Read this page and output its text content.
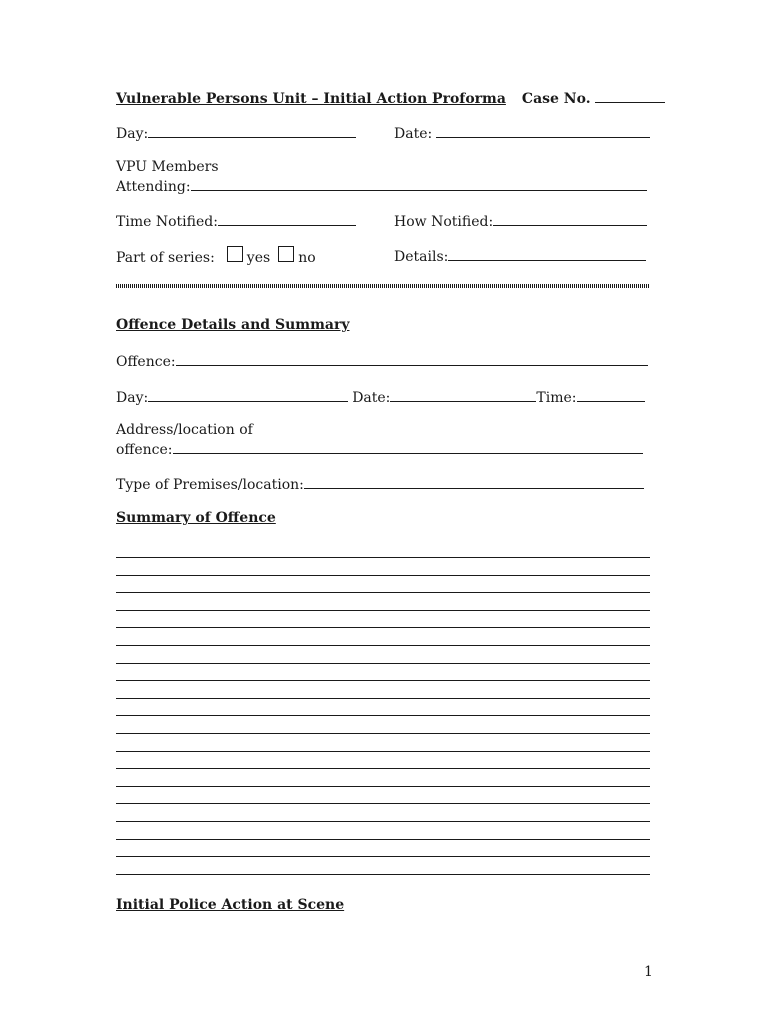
Vulnerable Persons Unit – Initial Action Proforma Case No.
Day:	Date:
VPU Members
Attending:
Time Notified:	How Notified:
Part of series: yes no	Details:
Offence Details and Summary
Offence:
Day:	Date:	Time:
Address/location of
offence:
Type of Premises/location:
Summary of Offence
Initial Police Action at Scene
1
